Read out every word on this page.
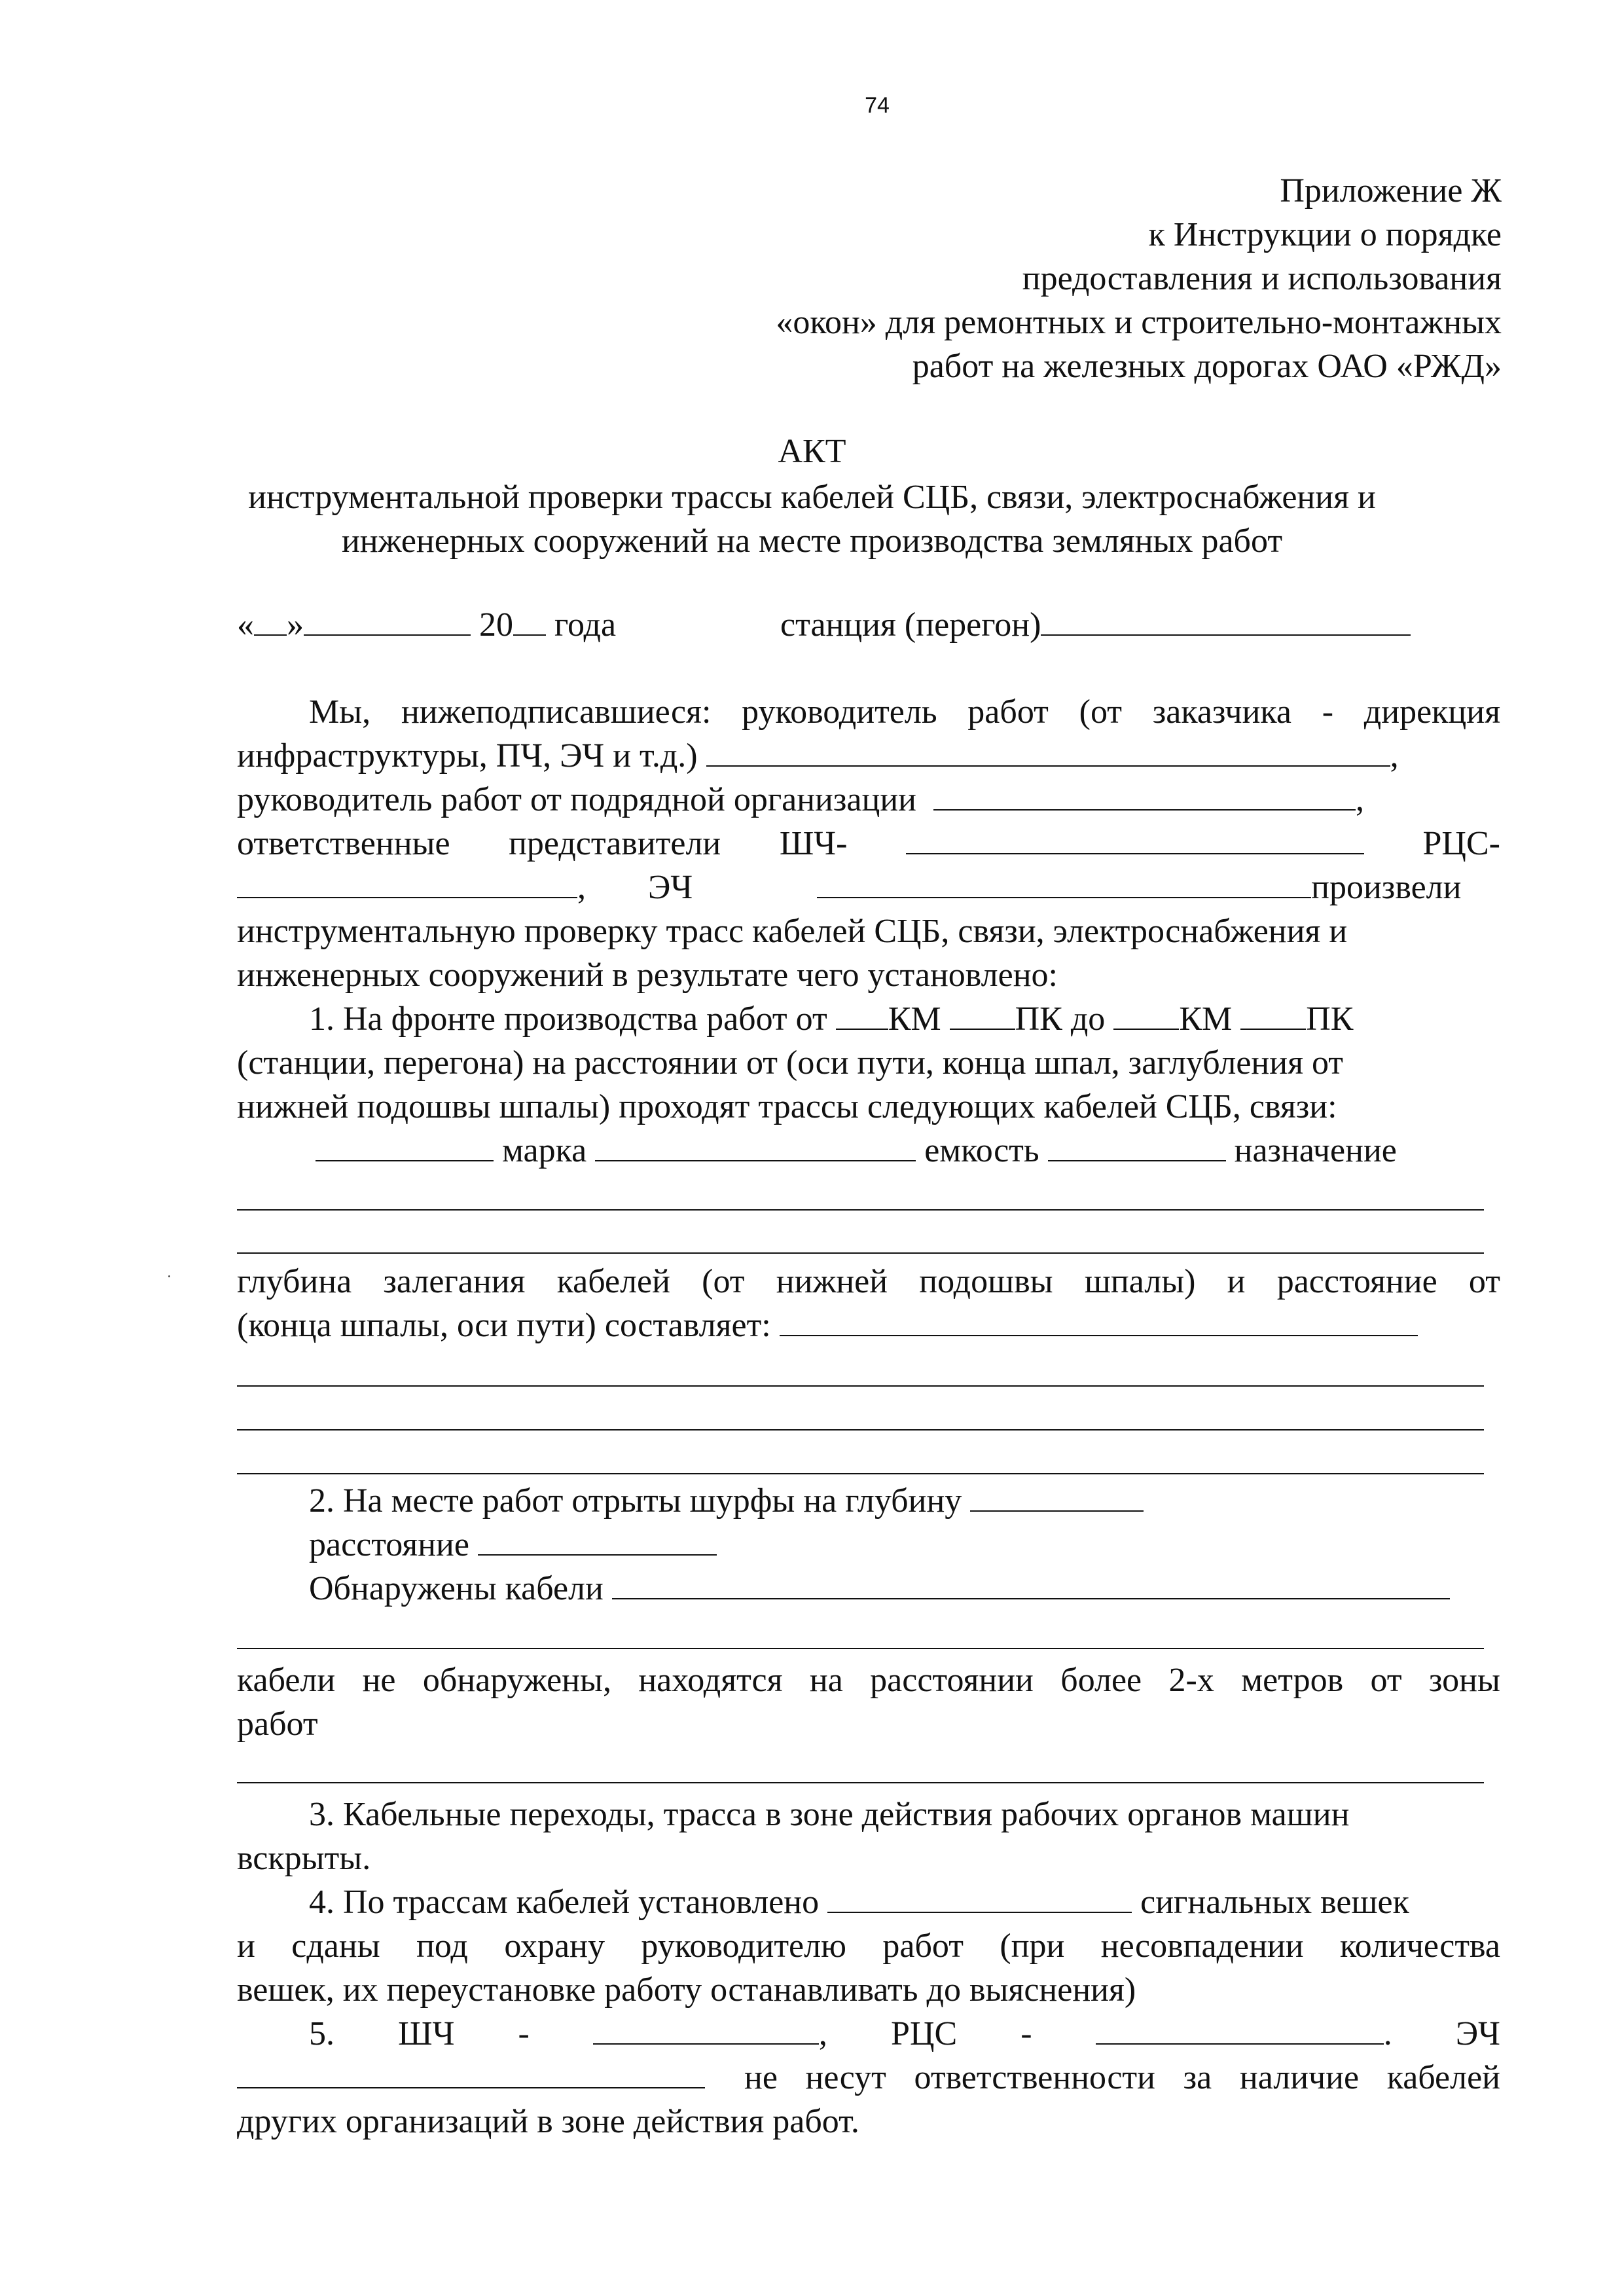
74
Приложение Ж
к Инструкции о порядке
предоставления и использования
«окон» для ремонтных и строительно-монтажных
работ на железных дорогах ОАО «РЖД»
АКТ
инструментальной проверки трассы кабелей СЦБ, связи, электроснабжения и
инженерных сооружений на месте производства земляных работ
« »	20 года	станция (перегон)
Мы, нижеподписавшиеся: руководитель работ (от заказчика - дирекция
инфраструктуры, ПЧ, ЭЧ и т.д.)	,
руководитель работ от подрядной организации	,
ответственные представители ШЧ-	РЦС-
, ЭЧ	произвели
инструментальную проверку трасс кабелей СЦБ, связи, электроснабжения и
инженерных сооружений в результате чего установлено:
1. На фронте производства работ от КМ ПК до КМ ПК
(станции, перегона) на расстоянии от (оси пути, конца шпал, заглубления от
нижней подошвы шпалы) проходят трассы следующих кабелей СЦБ, связи:
марка	емкость	назначение
глубина залегания кабелей (от нижней подошвы шпалы) и расстояние от
(конца шпалы, оси пути) составляет:
2. На месте работ отрыты шурфы на глубину
расстояние
Обнаружены кабели
кабели не обнаружены, находятся на расстоянии более 2-х метров от зоны
работ
3. Кабельные переходы, трасса в зоне действия рабочих органов машин
вскрыты.
4. По трассам кабелей установлено	сигнальных вешек
и сданы под охрану руководителю работ (при несовпадении количества
вешек, их переустановке работу останавливать до выяснения)
5. ШЧ -	, РЦС -	. ЭЧ
не несут ответственности за наличие кабелей
других организаций в зоне действия работ.
